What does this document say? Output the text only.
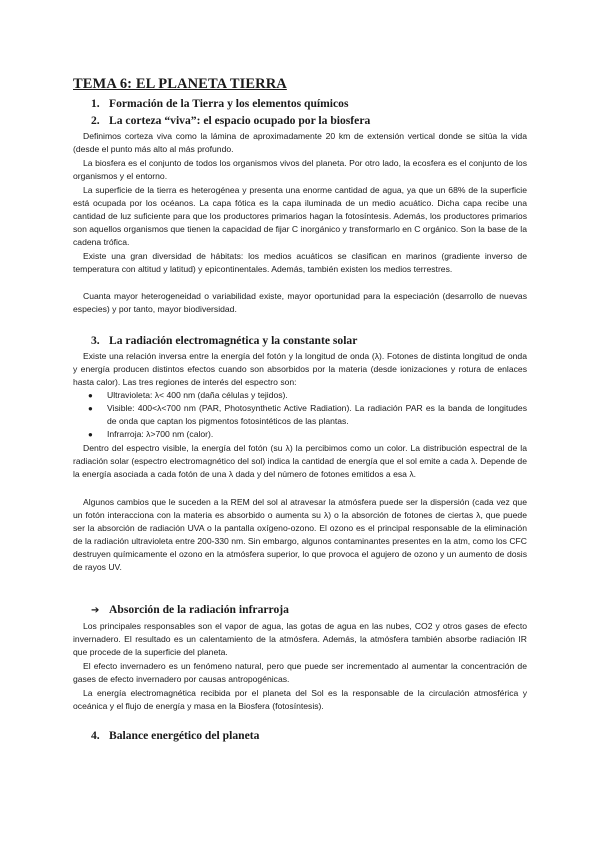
TEMA 6: EL PLANETA TIERRA
1. Formación de la Tierra y los elementos químicos
2. La corteza “viva”: el espacio ocupado por la biosfera

Definimos corteza viva como la lámina de aproximadamente 20 km de extensión vertical donde se sitúa la vida (desde el punto más alto al más profundo.

La biosfera es el conjunto de todos los organismos vivos del planeta. Por otro lado, la ecosfera es el conjunto de los organismos y el entorno.

La superficie de la tierra es heterogénea y presenta una enorme cantidad de agua, ya que un 68% de la superficie está ocupada por los océanos. La capa fótica es la capa iluminada de un medio acuático. Dicha capa recibe una cantidad de luz suficiente para que los productores primarios hagan la fotosíntesis. Además, los productores primarios son aquellos organismos que tienen la capacidad de fijar C inorgánico y transformarlo en C orgánico. Son la base de la cadena trófica.

Existe una gran diversidad de hábitats: los medios acuáticos se clasifican en marinos (gradiente inverso de temperatura con altitud y latitud) y epicontinentales. Además, también existen los medios terrestres.

Cuanta mayor heterogeneidad o variabilidad existe, mayor oportunidad para la especiación (desarrollo de nuevas especies) y por tanto, mayor biodiversidad.

3. La radiación electromagnética y la constante solar

Existe una relación inversa entre la energía del fotón y la longitud de onda (λ). Fotones de distinta longitud de onda y energía producen distintos efectos cuando son absorbidos por la materia (desde ionizaciones y rotura de enlaces hasta calor). Las tres regiones de interés del espectro son:

● Ultravioleta: λ< 400 nm (daña células y tejidos).
● Visible: 400<λ<700 nm (PAR, Photosynthetic Active Radiation). La radiación PAR es la banda de longitudes de onda que captan los pigmentos fotosintéticos de las plantas.
● Infrarroja: λ>700 nm (calor).

Dentro del espectro visible, la energía del fotón (su λ) la percibimos como un color. La distribución espectral de la radiación solar (espectro electromagnético del sol) indica la cantidad de energía que el sol emite a cada λ. Depende de la energía asociada a cada fotón de una λ dada y del número de fotones emitidos a esa λ.

Algunos cambios que le suceden a la REM del sol al atravesar la atmósfera puede ser la dispersión (cada vez que un fotón interacciona con la materia es absorbido o aumenta su λ) o la absorción de fotones de ciertas λ, que puede ser la absorción de radiación UVA o la pantalla oxígeno-ozono. El ozono es el principal responsable de la eliminación de la radiación ultravioleta entre 200-330 nm. Sin embargo, algunos contaminantes presentes en la atm, como los CFC destruyen químicamente el ozono en la atmósfera superior, lo que provoca el agujero de ozono y un aumento de dosis de rayos UV.

➔ Absorción de la radiación infrarroja

Los principales responsables son el vapor de agua, las gotas de agua en las nubes, CO2 y otros gases de efecto invernadero. El resultado es un calentamiento de la atmósfera. Además, la atmósfera también absorbe radiación IR que procede de la superficie del planeta.

El efecto invernadero es un fenómeno natural, pero que puede ser incrementado al aumentar la concentración de gases de efecto invernadero por causas antropogénicas.

La energía electromagnética recibida por el planeta del Sol es la responsable de la circulación atmosférica y oceánica y el flujo de energía y masa en la Biosfera (fotosíntesis).

4. Balance energético del planeta
